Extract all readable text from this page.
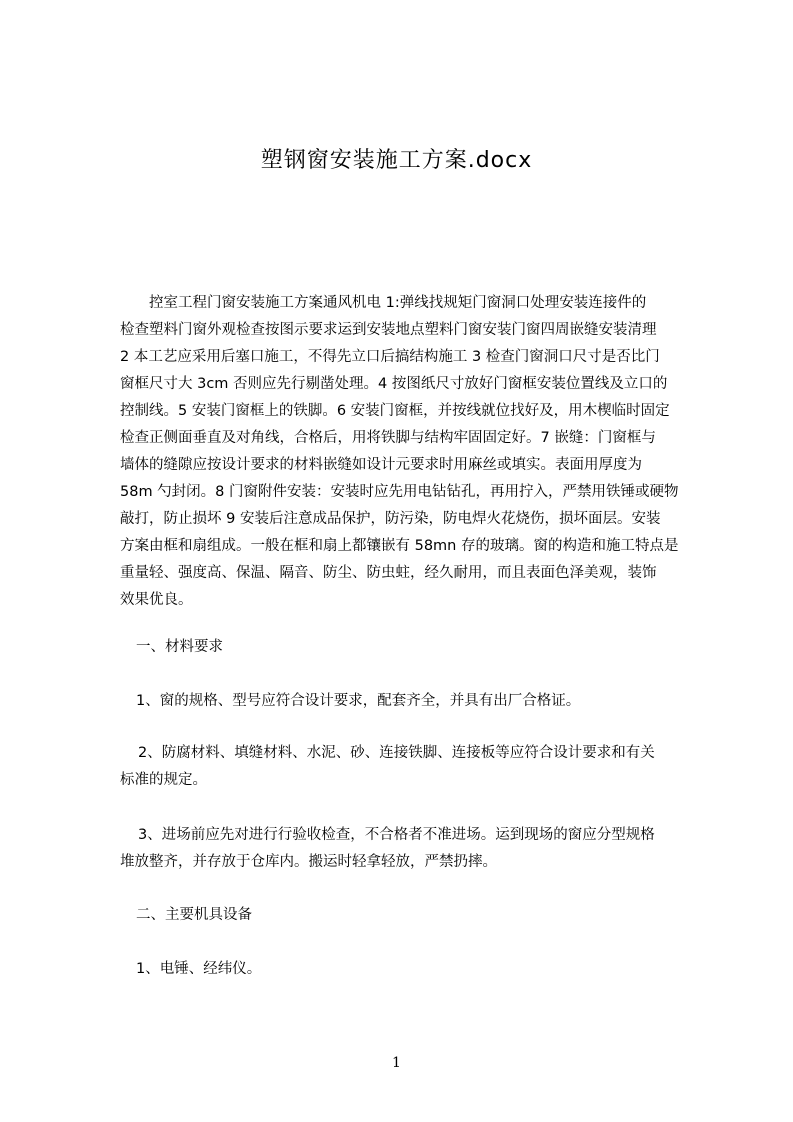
塑钢窗安装施工方案.docx
　　控室工程门窗安装施工方案通风机电 1:弹线找规矩门窗洞口处理安装连接件的
检查塑料门窗外观检查按图示要求运到安装地点塑料门窗安装门窗四周嵌缝安装清理
2 本工艺应采用后塞口施工，不得先立口后搞结构施工 3 检查门窗洞口尺寸是否比门
窗框尺寸大 3cm 否则应先行剔凿处理。4 按图纸尺寸放好门窗框安装位置线及立口的
控制线。5 安装门窗框上的铁脚。6 安装门窗框，并按线就位找好及，用木楔临时固定
检查正侧面垂直及对角线，合格后，用将铁脚与结构牢固固定好。7 嵌缝：门窗框与
墙体的缝隙应按设计要求的材料嵌缝如设计元要求时用麻丝或填实。表面用厚度为
58m 勺封闭。8 门窗附件安装：安装时应先用电钻钻孔，再用拧入，严禁用铁锤或硬物
敲打，防止损坏 9 安装后注意成品保护，防污染，防电焊火花烧伤，损坏面层。安装
方案由框和扇组成。一般在框和扇上都镶嵌有 58mn 存的玻璃。窗的构造和施工特点是
重量轻、强度高、保温、隔音、防尘、防虫蛀，经久耐用，而且表面色泽美观，装饰
效果优良。
一、材料要求
1、窗的规格、型号应符合设计要求，配套齐全，并具有出厂合格证。
2、防腐材料、填缝材料、水泥、砂、连接铁脚、连接板等应符合设计要求和有关
标准的规定。
3、进场前应先对进行行验收检查，不合格者不准进场。运到现场的窗应分型规格
堆放整齐，并存放于仓库内。搬运时轻拿轻放，严禁扔摔。
二、主要机具设备
1、电锤、经纬仪。
1
